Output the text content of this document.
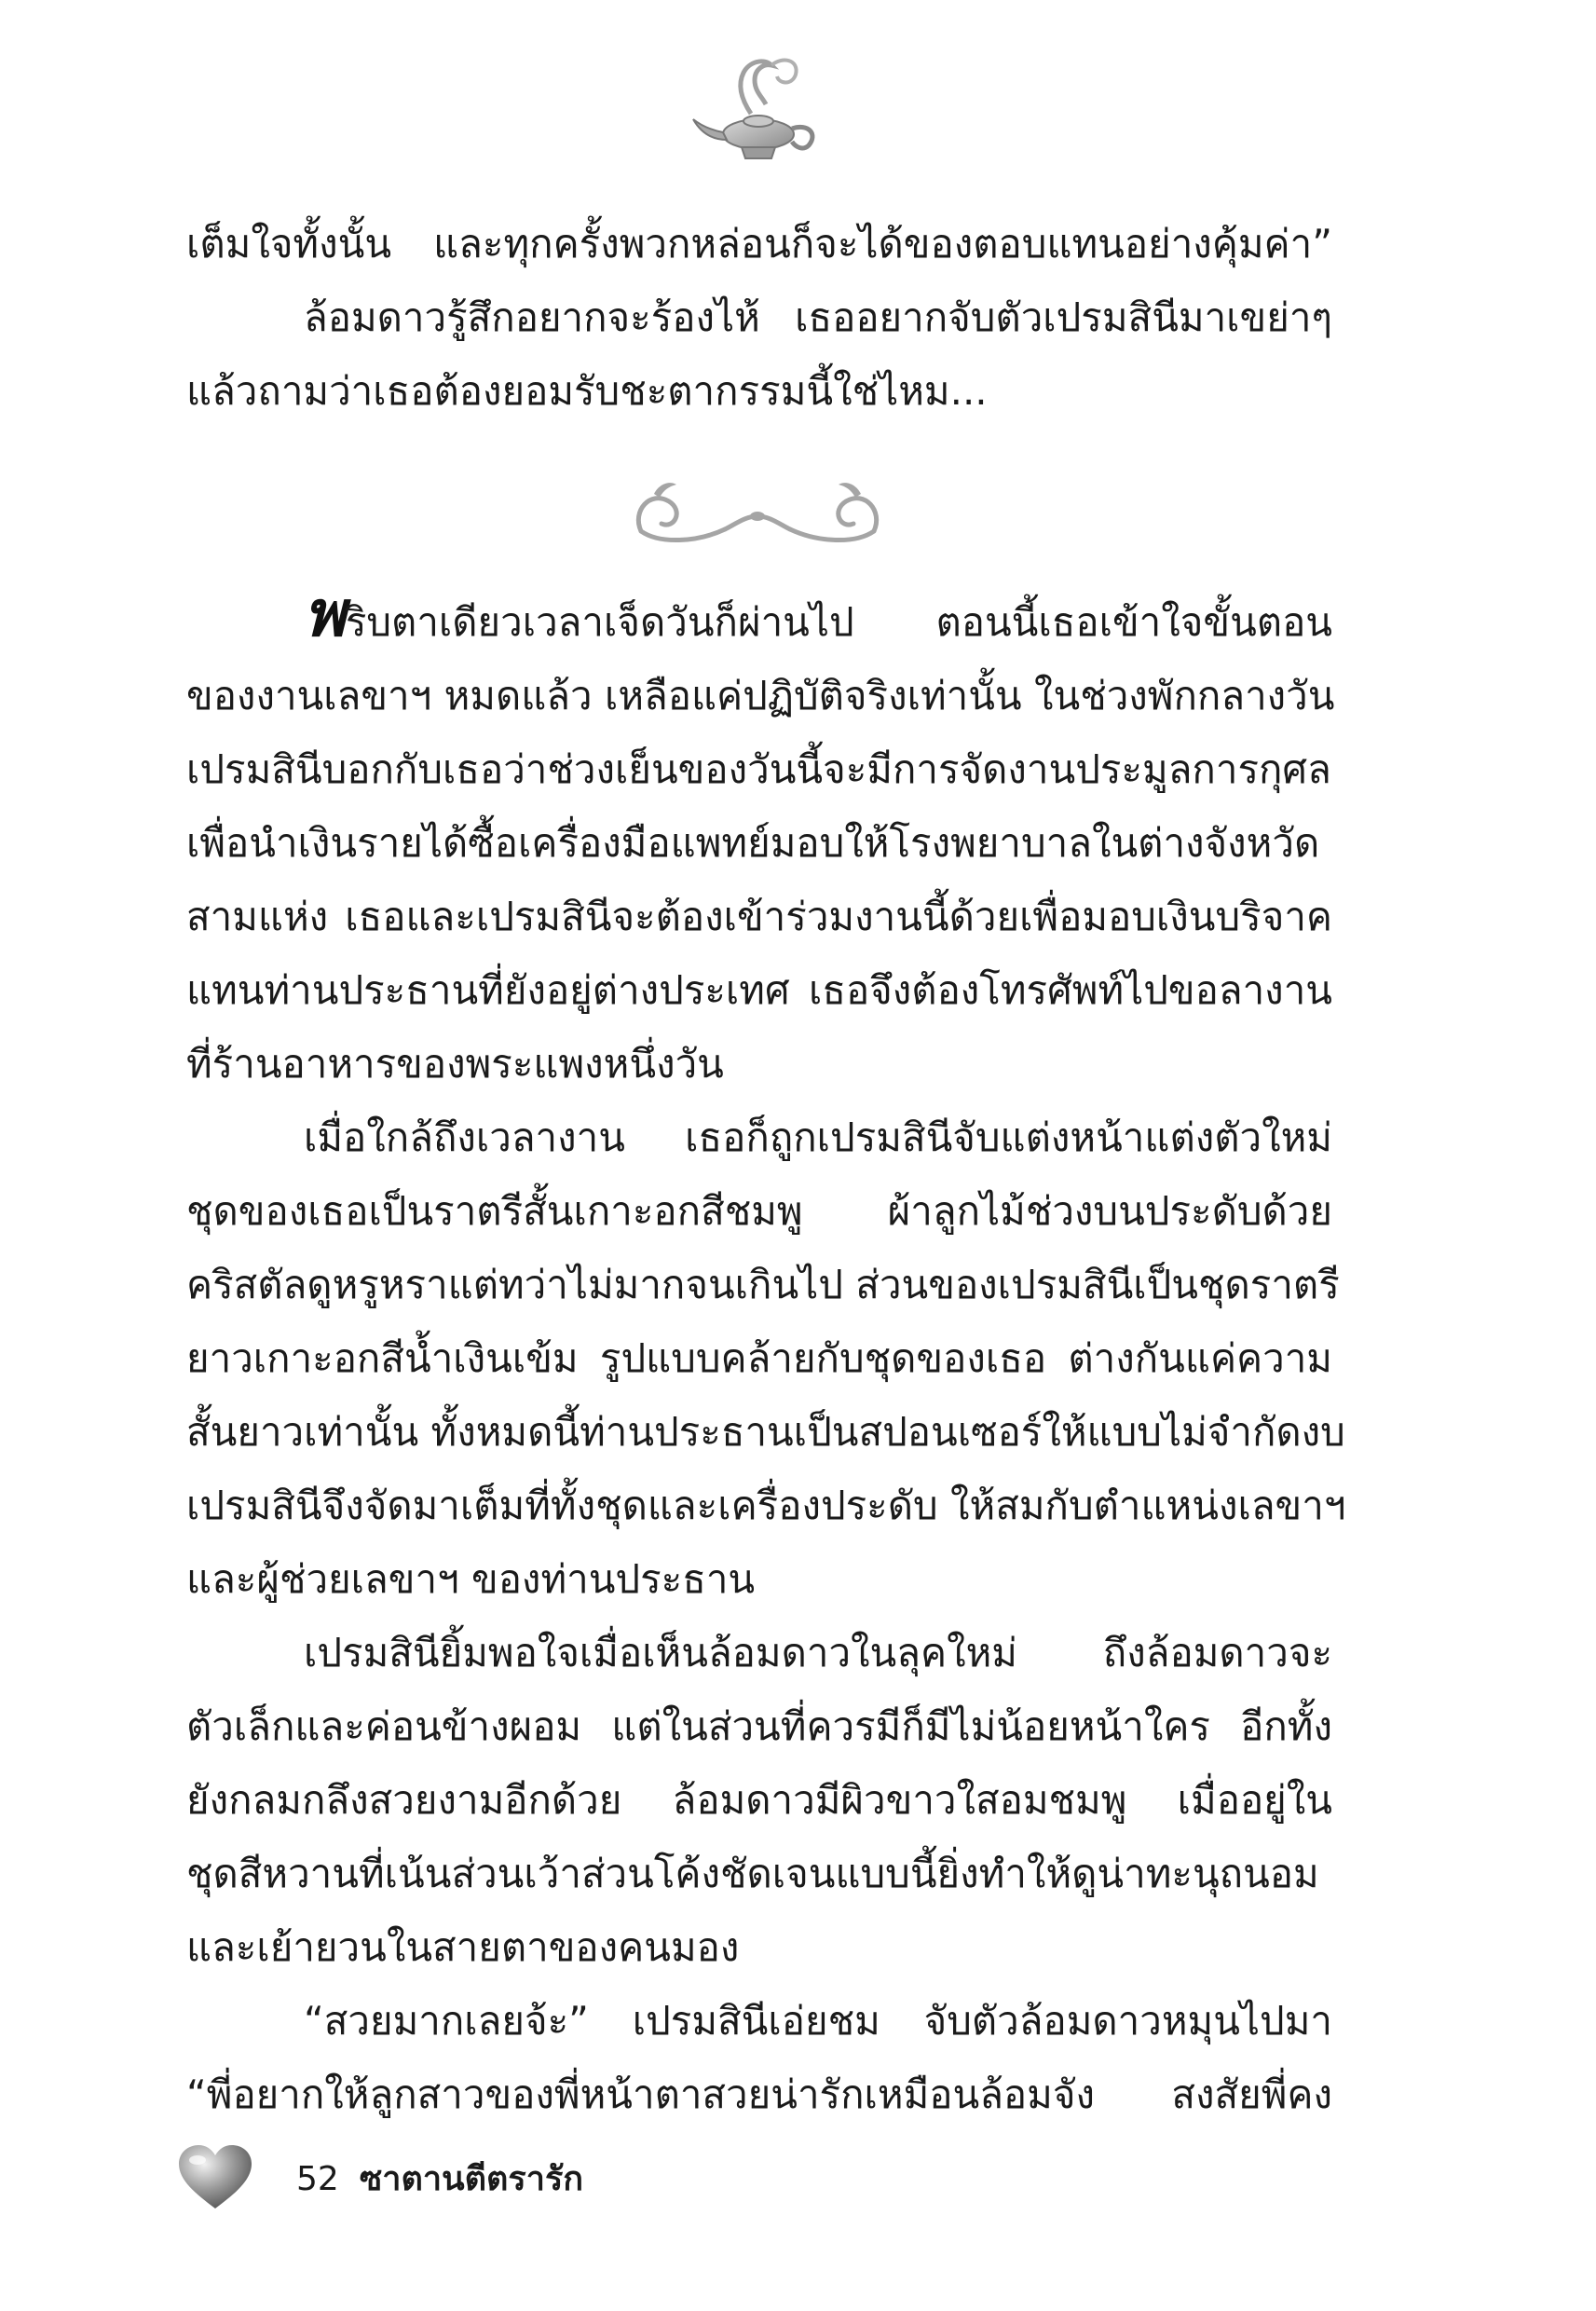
เต็มใจทั้งนั้น และทุกครั้งพวกหล่อนก็จะได้ของตอบแทนอย่างคุ้มค่า”
ล้อมดาวรู้สึกอยากจะร้องไห้ เธออยากจับตัวเปรมสินีมาเขย่าๆ
แล้วถามว่าเธอต้องยอมรับชะตากรรมนี้ใช่ไหม...
พริบตาเดียวเวลาเจ็ดวันก็ผ่านไป ตอนนี้เธอเข้าใจขั้นตอน
ของงานเลขาฯ หมดแล้ว เหลือแค่ปฏิบัติจริงเท่านั้น ในช่วงพักกลางวัน
เปรมสินีบอกกับเธอว่าช่วงเย็นของวันนี้จะมีการจัดงานประมูลการกุศล
เพื่อนำเงินรายได้ซื้อเครื่องมือแพทย์มอบให้โรงพยาบาลในต่างจังหวัด
สามแห่ง เธอและเปรมสินีจะต้องเข้าร่วมงานนี้ด้วยเพื่อมอบเงินบริจาค
แทนท่านประธานที่ยังอยู่ต่างประเทศ เธอจึงต้องโทรศัพท์ไปขอลางาน
ที่ร้านอาหารของพระแพงหนึ่งวัน
เมื่อใกล้ถึงเวลางาน เธอก็ถูกเปรมสินีจับแต่งหน้าแต่งตัวใหม่
ชุดของเธอเป็นราตรีสั้นเกาะอกสีชมพู ผ้าลูกไม้ช่วงบนประดับด้วย
คริสตัลดูหรูหราแต่ทว่าไม่มากจนเกินไป ส่วนของเปรมสินีเป็นชุดราตรี
ยาวเกาะอกสีน้ำเงินเข้ม รูปแบบคล้ายกับชุดของเธอ ต่างกันแค่ความ
สั้นยาวเท่านั้น ทั้งหมดนี้ท่านประธานเป็นสปอนเซอร์ให้แบบไม่จำกัดงบ
เปรมสินีจึงจัดมาเต็มที่ทั้งชุดและเครื่องประดับ ให้สมกับตำแหน่งเลขาฯ
และผู้ช่วยเลขาฯ ของท่านประธาน
เปรมสินียิ้มพอใจเมื่อเห็นล้อมดาวในลุคใหม่ ถึงล้อมดาวจะ
ตัวเล็กและค่อนข้างผอม แต่ในส่วนที่ควรมีก็มีไม่น้อยหน้าใคร อีกทั้ง
ยังกลมกลึงสวยงามอีกด้วย ล้อมดาวมีผิวขาวใสอมชมพู เมื่ออยู่ใน
ชุดสีหวานที่เน้นส่วนเว้าส่วนโค้งชัดเจนแบบนี้ยิ่งทำให้ดูน่าทะนุถนอม
และเย้ายวนในสายตาของคนมอง
“สวยมากเลยจ้ะ” เปรมสินีเอ่ยชม จับตัวล้อมดาวหมุนไปมา
“พี่อยากให้ลูกสาวของพี่หน้าตาสวยน่ารักเหมือนล้อมจัง สงสัยพี่คง
52 ซาตานตีตรารัก
